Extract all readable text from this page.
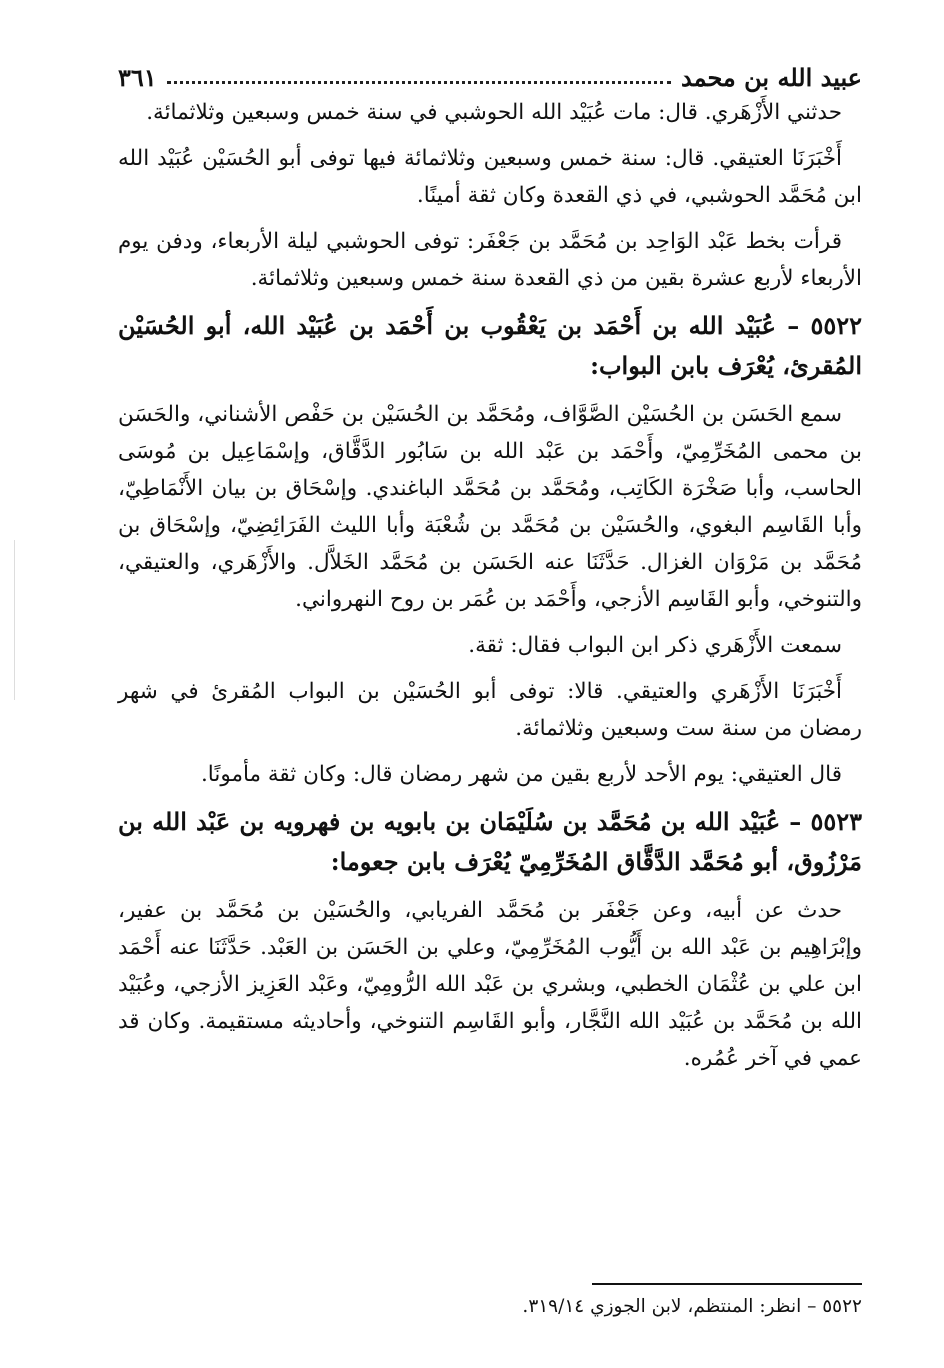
عبيد الله بن محمد
٣٦١

حدثني الأَزْهَري. قال: مات عُبَيْد الله الحوشبي في سنة خمس وسبعين وثلاثمائة.

أَخْبَرَنَا العتيقي. قال: سنة خمس وسبعين وثلاثمائة فيها توفى أبو الحُسَيْن عُبَيْد الله ابن مُحَمَّد الحوشبي، في ذي القعدة وكان ثقة أمينًا.

قرأت بخط عَبْد الوَاحِد بن مُحَمَّد بن جَعْفَر: توفى الحوشبي ليلة الأربعاء، ودفن يوم الأربعاء لأربع عشرة بقين من ذي القعدة سنة خمس وسبعين وثلاثمائة.

٥٥٢٢ – عُبَيْد الله بن أَحْمَد بن يَعْقُوب بن أَحْمَد بن عُبَيْد الله، أبو الحُسَيْن المُقرئ، يُعْرَف بابن البواب:

سمع الحَسَن بن الحُسَيْن الصَّوَّاف، ومُحَمَّد بن الحُسَيْن بن حَفْص الأشناني، والحَسَن بن محمى المُخَرِّمِيّ، وأَحْمَد بن عَبْد الله بن سَابُور الدَّقَّاق، وإسْمَاعِيل بن مُوسَى الحاسب، وأبا صَخْرَة الكَاتِب، ومُحَمَّد بن مُحَمَّد الباغندي. وإسْحَاق بن بيان الأَنْمَاطِيّ، وأبا القَاسِم البغوي، والحُسَيْن بن مُحَمَّد بن شُعْبَة وأبا الليث الفَرَائِضِيّ، وإسْحَاق بن مُحَمَّد بن مَرْوَان الغزال. حَدَّثَنَا عنه الحَسَن بن مُحَمَّد الخَلاَّل. والأَزْهَري، والعتيقي، والتنوخي، وأبو القَاسِم الأزجي، وأَحْمَد بن عُمَر بن روح النهرواني.

سمعت الأَزْهَري ذكر ابن البواب فقال: ثقة.

أَخْبَرَنَا الأَزْهَري والعتيقي. قالا: توفى أبو الحُسَيْن بن البواب المُقرئ في شهر رمضان من سنة ست وسبعين وثلاثمائة.

قال العتيقي: يوم الأحد لأربع بقين من شهر رمضان قال: وكان ثقة مأمونًا.

٥٥٢٣ – عُبَيْد الله بن مُحَمَّد بن سُلَيْمَان بن بابويه بن فهرويه بن عَبْد الله بن مَرْزُوق، أبو مُحَمَّد الدَّقَّاق المُخَرِّمِيّ يُعْرَف بابن جعوما:

حدث عن أبيه، وعن جَعْفَر بن مُحَمَّد الفريابي، والحُسَيْن بن مُحَمَّد بن عفير، وإبْرَاهِيم بن عَبْد الله بن أَيُّوب المُخَرِّمِيّ، وعلي بن الحَسَن بن العَبْد. حَدَّثَنَا عنه أَحْمَد ابن علي بن عُثْمَان الخطبي، وبشري بن عَبْد الله الرُّومِيّ، وعَبْد العَزِيز الأزجي، وعُبَيْد الله بن مُحَمَّد بن عُبَيْد الله النَّجَّار، وأبو القَاسِم التنوخي، وأحاديثه مستقيمة. وكان قد عمي في آخر عُمُره.

٥٥٢٢ – انظر: المنتظم، لابن الجوزي ٣١٩/١٤.
